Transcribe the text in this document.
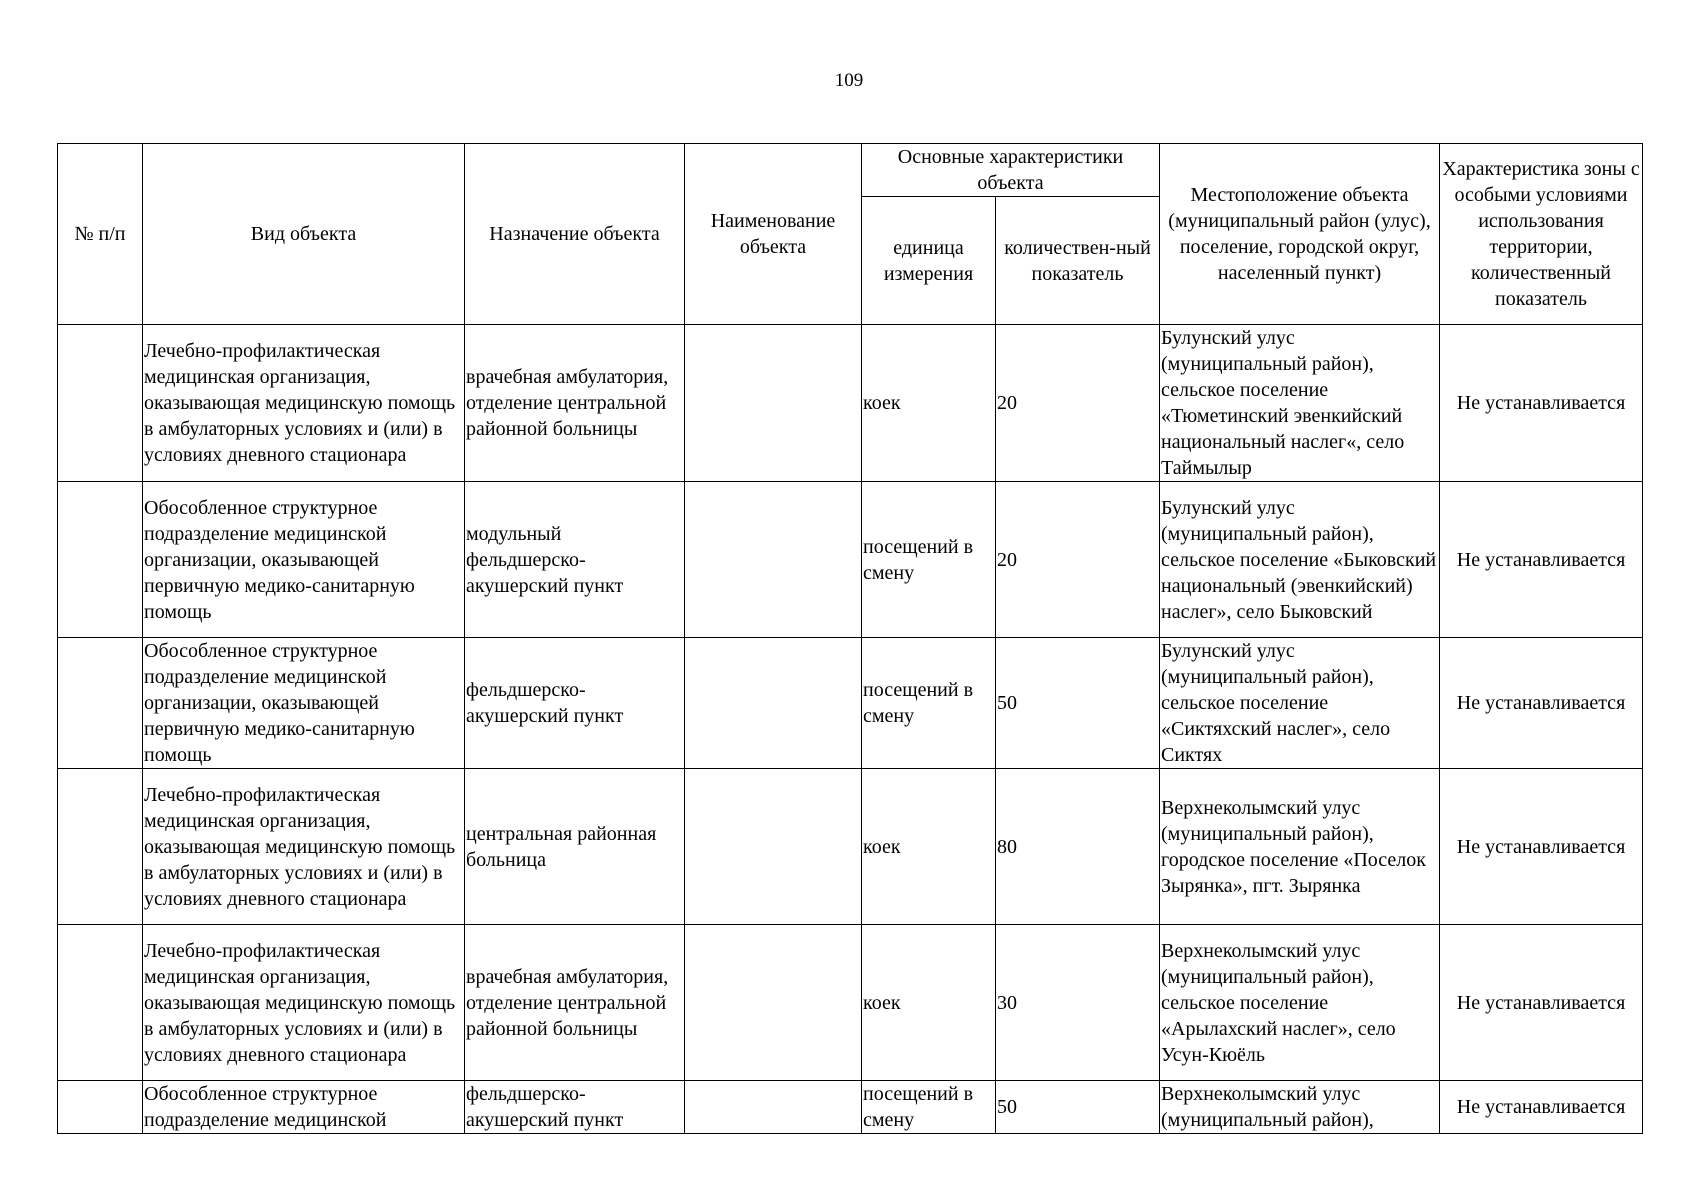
109
№ п/п	Вид объекта	Назначение объекта	Наименование объекта	Основные характеристики объекта		Местоположение объекта (муниципальный район (улус), поселение, городской округ, населенный пункт)	Характеристика зоны с особыми условиями использования территории, количественный показатель
				единица измерения	количествен-ный показатель		
	Лечебно-профилактическая медицинская организация, оказывающая медицинскую помощь в амбулаторных условиях и (или) в условиях дневного стационара	врачебная амбулатория, отделение центральной районной больницы		коек	20	Булунский улус (муниципальный район), сельское поселение «Тюметинский эвенкийский национальный наслег«, село Таймылыр	Не устанавливается
	Обособленное структурное подразделение медицинской организации, оказывающей первичную медико-санитарную помощь	модульный фельдшерско-акушерский пункт		посещений в смену	20	Булунский улус (муниципальный район), сельское поселение «Быковский национальный (эвенкийский) наслег», село Быковский	Не устанавливается
	Обособленное структурное подразделение медицинской организации, оказывающей первичную медико-санитарную помощь	фельдшерско-акушерский пункт		посещений в смену	50	Булунский улус (муниципальный район), сельское поселение «Сиктяхский наслег», село Сиктях	Не устанавливается
	Лечебно-профилактическая медицинская организация, оказывающая медицинскую помощь в амбулаторных условиях и (или) в условиях дневного стационара	центральная районная больница		коек	80	Верхнеколымский улус (муниципальный район), городское поселение «Поселок Зырянка», пгт. Зырянка	Не устанавливается
	Лечебно-профилактическая медицинская организация, оказывающая медицинскую помощь в амбулаторных условиях и (или) в условиях дневного стационара	врачебная амбулатория, отделение центральной районной больницы		коек	30	Верхнеколымский улус (муниципальный район), сельское поселение «Арылахский наслег», село Усун-Кюёль	Не устанавливается
	Обособленное структурное подразделение медицинской	фельдшерско-акушерский пункт		посещений в смену	50	Верхнеколымский улус (муниципальный район),	Не устанавливается
